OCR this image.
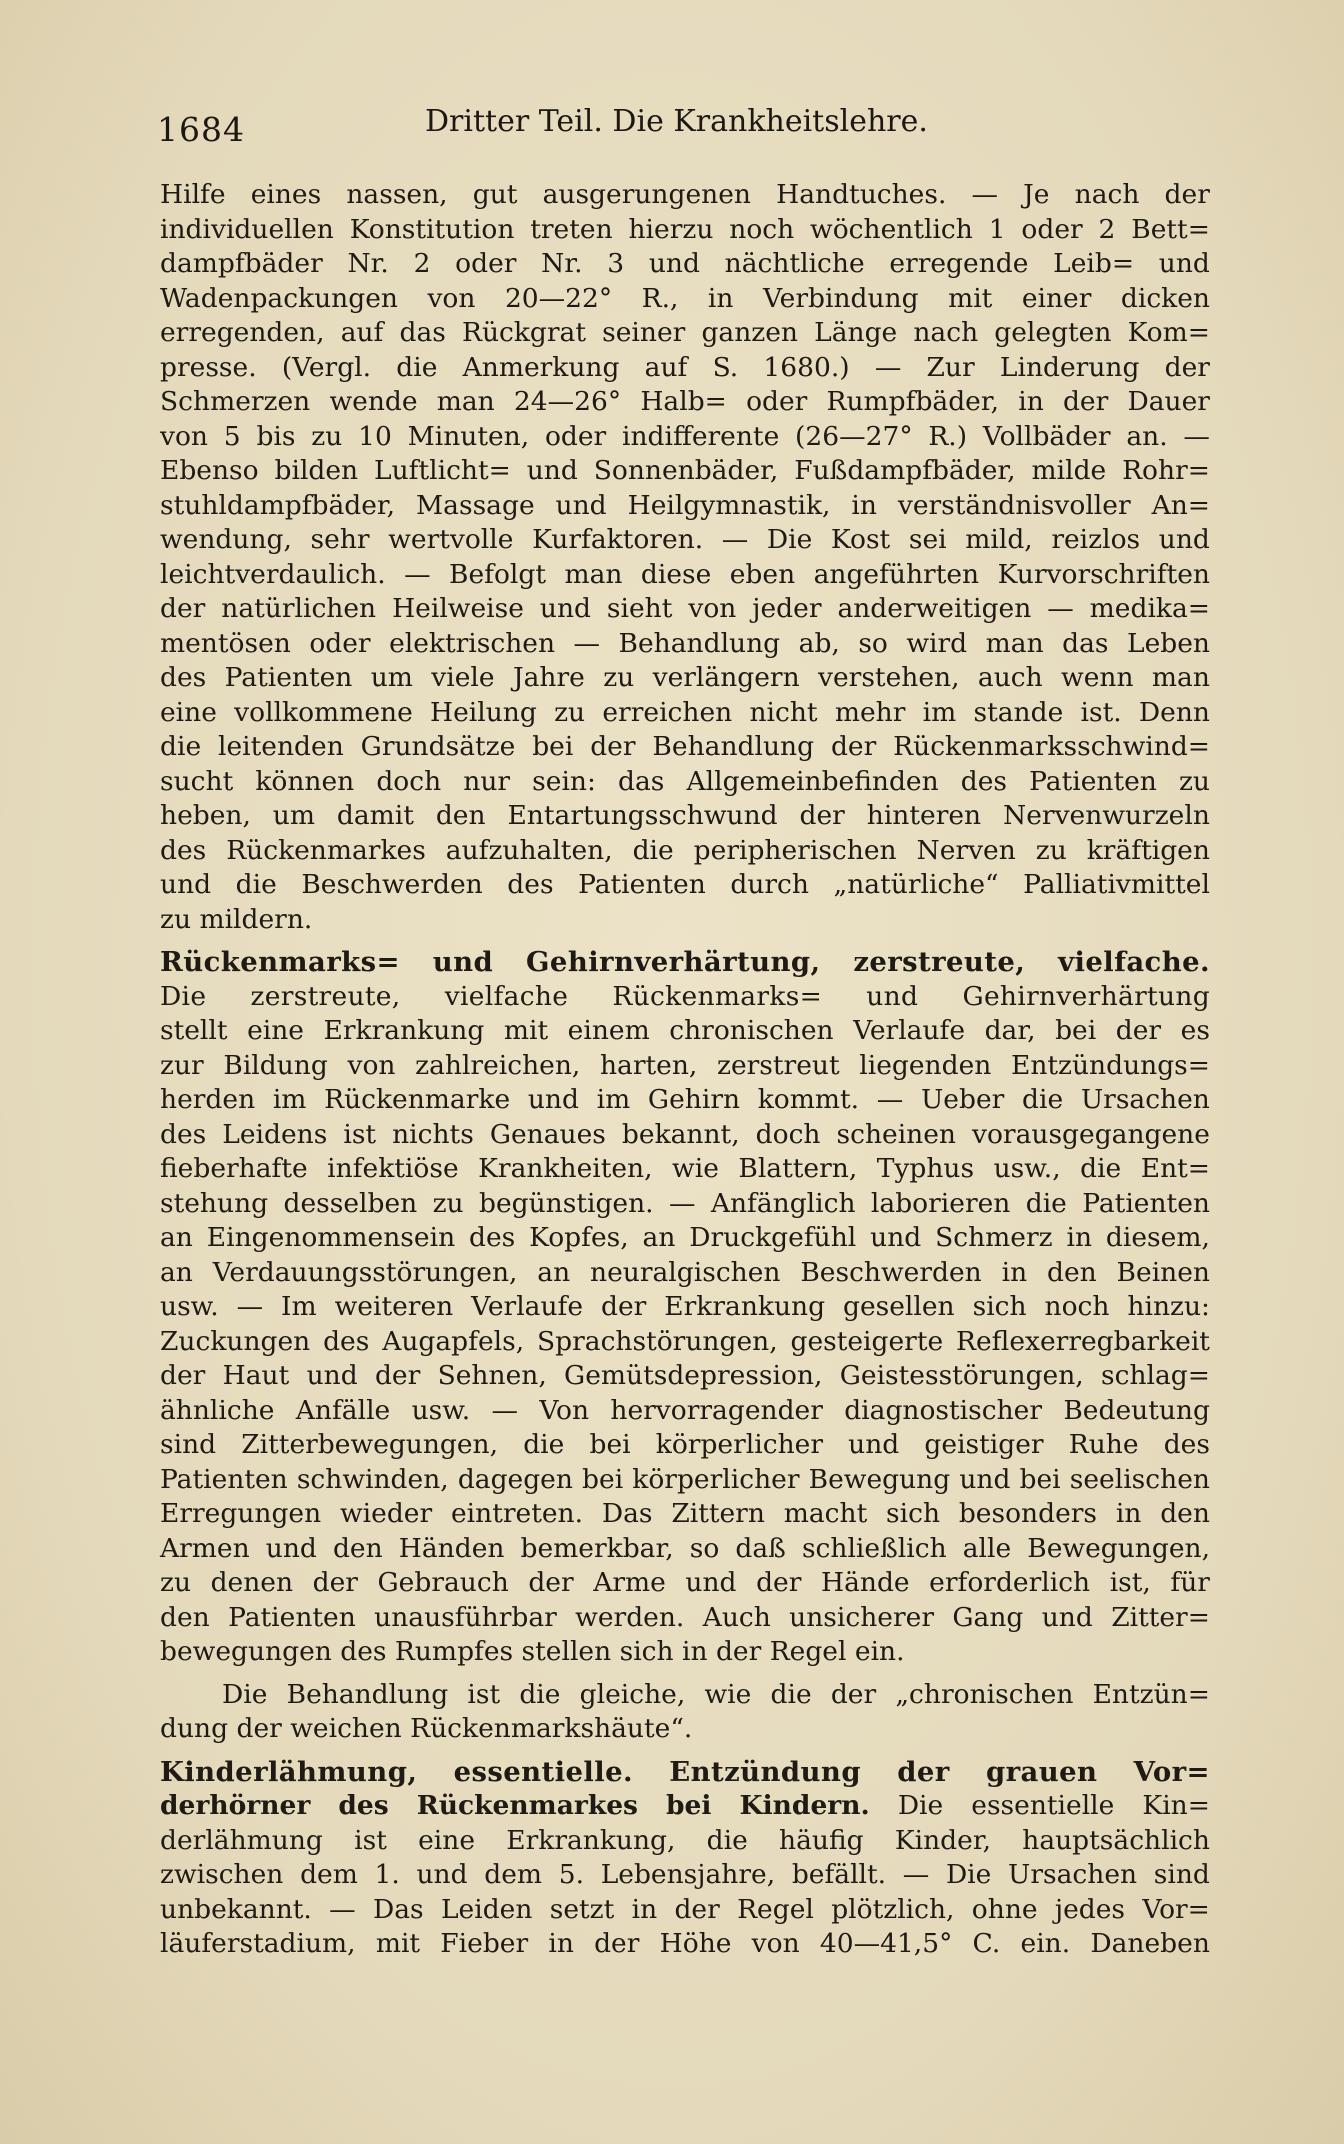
1684	Dritter Teil. Die Krankheitslehre.
Hilfe eines nassen, gut ausgerungenen Handtuches. — Je nach der
individuellen Konstitution treten hierzu noch wöchentlich 1 oder 2 Bett=
dampfbäder Nr. 2 oder Nr. 3 und nächtliche erregende Leib= und
Wadenpackungen von 20—22° R., in Verbindung mit einer dicken
erregenden, auf das Rückgrat seiner ganzen Länge nach gelegten Kom=
presse. (Vergl. die Anmerkung auf S. 1680.) — Zur Linderung der
Schmerzen wende man 24—26° Halb= oder Rumpfbäder, in der Dauer
von 5 bis zu 10 Minuten, oder indifferente (26—27° R.) Vollbäder an. —
Ebenso bilden Luftlicht= und Sonnenbäder, Fußdampfbäder, milde Rohr=
stuhldampfbäder, Massage und Heilgymnastik, in verständnisvoller An=
wendung, sehr wertvolle Kurfaktoren. — Die Kost sei mild, reizlos und
leichtverdaulich. — Befolgt man diese eben angeführten Kurvorschriften
der natürlichen Heilweise und sieht von jeder anderweitigen — medika=
mentösen oder elektrischen — Behandlung ab, so wird man das Leben
des Patienten um viele Jahre zu verlängern verstehen, auch wenn man
eine vollkommene Heilung zu erreichen nicht mehr im stande ist. Denn
die leitenden Grundsätze bei der Behandlung der Rückenmarksschwind=
sucht können doch nur sein: das Allgemeinbefinden des Patienten zu
heben, um damit den Entartungsschwund der hinteren Nervenwurzeln
des Rückenmarkes aufzuhalten, die peripherischen Nerven zu kräftigen
und die Beschwerden des Patienten durch „natürliche“ Palliativmittel
zu mildern.
Rückenmarks= und Gehirnverhärtung, zerstreute, vielfache.
Die zerstreute, vielfache Rückenmarks= und Gehirnverhärtung
stellt eine Erkrankung mit einem chronischen Verlaufe dar, bei der es
zur Bildung von zahlreichen, harten, zerstreut liegenden Entzündungs=
herden im Rückenmarke und im Gehirn kommt. — Ueber die Ursachen
des Leidens ist nichts Genaues bekannt, doch scheinen vorausgegangene
fieberhafte infektiöse Krankheiten, wie Blattern, Typhus usw., die Ent=
stehung desselben zu begünstigen. — Anfänglich laborieren die Patienten
an Eingenommensein des Kopfes, an Druckgefühl und Schmerz in diesem,
an Verdauungsstörungen, an neuralgischen Beschwerden in den Beinen
usw. — Im weiteren Verlaufe der Erkrankung gesellen sich noch hinzu:
Zuckungen des Augapfels, Sprachstörungen, gesteigerte Reflexerregbarkeit
der Haut und der Sehnen, Gemütsdepression, Geistesstörungen, schlag=
ähnliche Anfälle usw. — Von hervorragender diagnostischer Bedeutung
sind Zitterbewegungen, die bei körperlicher und geistiger Ruhe des
Patienten schwinden, dagegen bei körperlicher Bewegung und bei seelischen
Erregungen wieder eintreten. Das Zittern macht sich besonders in den
Armen und den Händen bemerkbar, so daß schließlich alle Bewegungen,
zu denen der Gebrauch der Arme und der Hände erforderlich ist, für
den Patienten unausführbar werden. Auch unsicherer Gang und Zitter=
bewegungen des Rumpfes stellen sich in der Regel ein.
Die Behandlung ist die gleiche, wie die der „chronischen Entzün=
dung der weichen Rückenmarkshäute“.
Kinderlähmung, essentielle. Entzündung der grauen Vor=
derhörner des Rückenmarkes bei Kindern. Die essentielle Kin=
derlähmung ist eine Erkrankung, die häufig Kinder, hauptsächlich
zwischen dem 1. und dem 5. Lebensjahre, befällt. — Die Ursachen sind
unbekannt. — Das Leiden setzt in der Regel plötzlich, ohne jedes Vor=
läuferstadium, mit Fieber in der Höhe von 40—41,5° C. ein. Daneben
